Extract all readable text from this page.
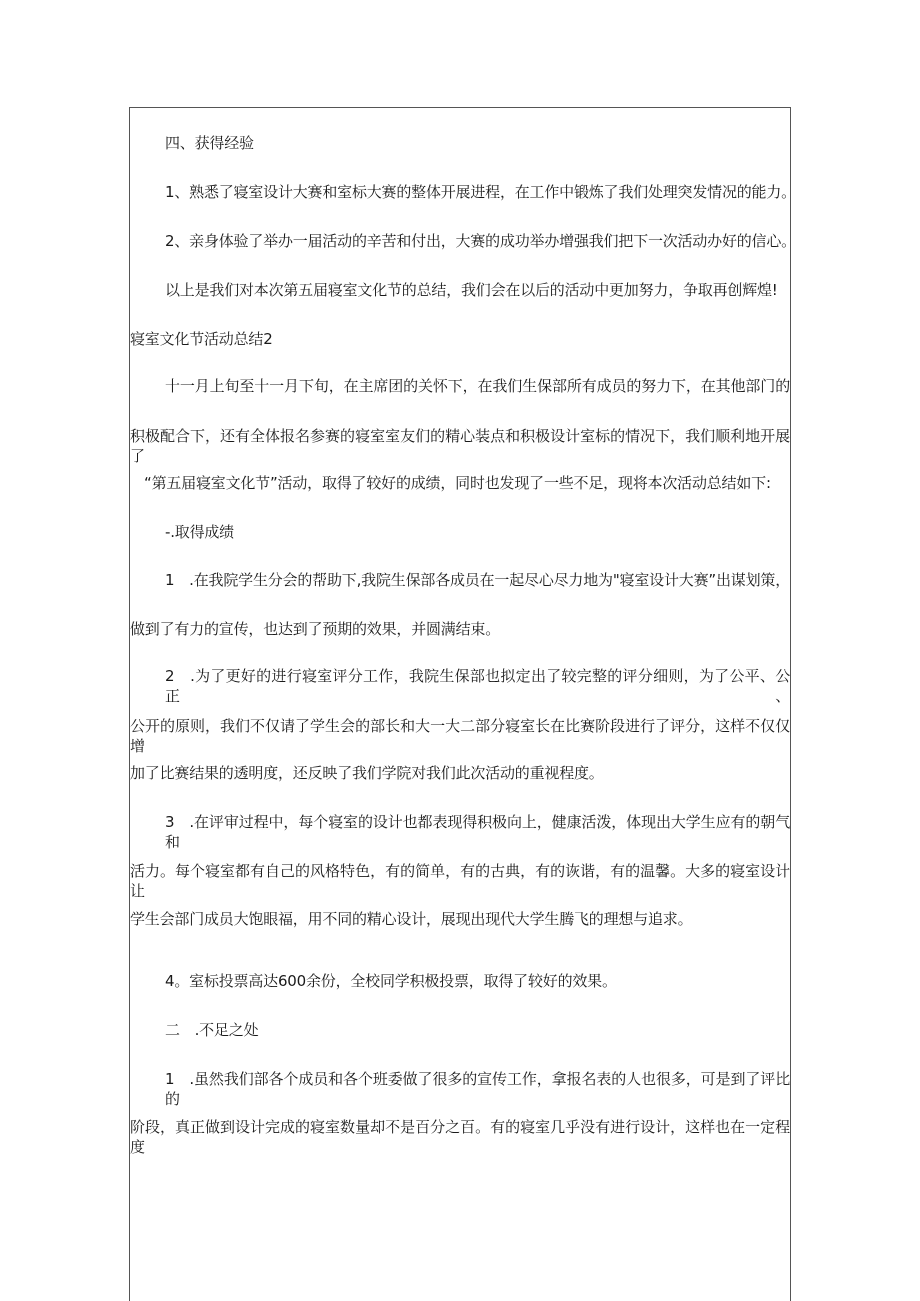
四、获得经验
1、熟悉了寝室设计大赛和室标大赛的整体开展进程，在工作中锻炼了我们处理突发情况的能力。
2、亲身体验了举办一届活动的辛苦和付出，大赛的成功举办增强我们把下一次活动办好的信心。
以上是我们对本次第五届寝室文化节的总结，我们会在以后的活动中更加努力，争取再创辉煌!
寝室文化节活动总结2
十一月上旬至十一月下旬，在主席团的关怀下，在我们生保部所有成员的努力下，在其他部门的
积极配合下，还有全体报名参赛的寝室室友们的精心装点和积极设计室标的情况下，我们顺利地开展了
“第五届寝室文化节”活动，取得了较好的成绩，同时也发现了一些不足，现将本次活动总结如下:
-.取得成绩
1　.在我院学生分会的帮助下,我院生保部各成员在一起尽心尽力地为"寝室设计大赛”出谋划策，
做到了有力的宣传，也达到了预期的效果，并圆满结束。
2　.为了更好的进行寝室评分工作，我院生保部也拟定出了较完整的评分细则，为了公平、公正、
公开的原则，我们不仅请了学生会的部长和大一大二部分寝室长在比赛阶段进行了评分，这样不仅仅增
加了比赛结果的透明度，还反映了我们学院对我们此次活动的重视程度。
3　.在评审过程中，每个寝室的设计也都表现得积极向上，健康活泼，体现出大学生应有的朝气和
活力。每个寝室都有自己的风格特色，有的简单，有的古典，有的诙谐，有的温馨。大多的寝室设计让
学生会部门成员大饱眼福，用不同的精心设计，展现出现代大学生腾飞的理想与追求。
4。室标投票高达600余份，全校同学积极投票，取得了较好的效果。
二　.不足之处
1　.虽然我们部各个成员和各个班委做了很多的宣传工作，拿报名表的人也很多，可是到了评比的
阶段，真正做到设计完成的寝室数量却不是百分之百。有的寝室几乎没有进行设计，这样也在一定程度
